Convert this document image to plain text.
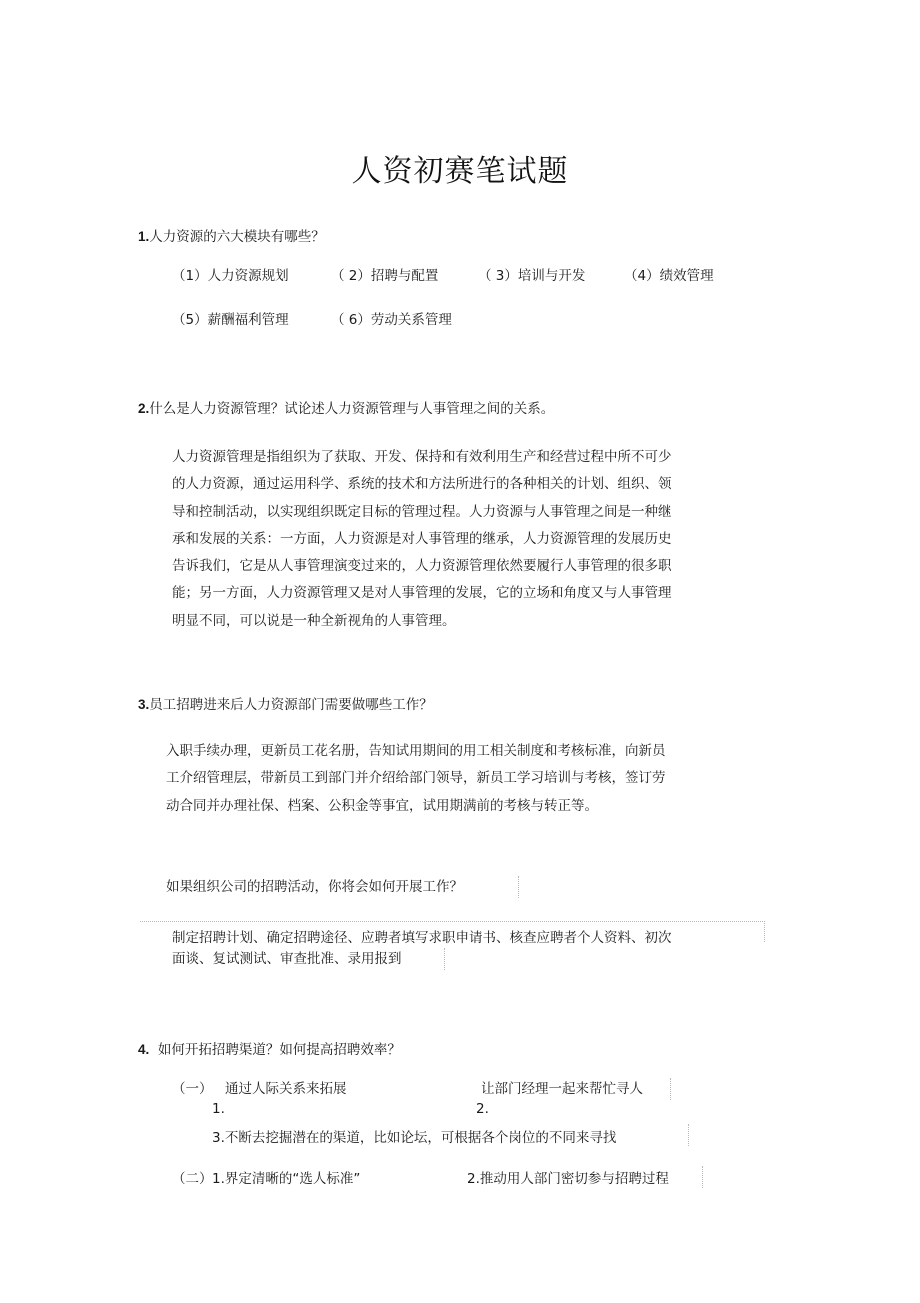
人资初赛笔试题
1.人力资源的六大模块有哪些？
（1）人力资源规划	（ 2）招聘与配置	（ 3）培训与开发	（4）绩效管理
（5）薪酬福利管理	（ 6）劳动关系管理
2.什么是人力资源管理？试论述人力资源管理与人事管理之间的关系。
人力资源管理是指组织为了获取、开发、保持和有效利用生产和经营过程中所不可少
的人力资源，通过运用科学、系统的技术和方法所进行的各种相关的计划、组织、领
导和控制活动，以实现组织既定目标的管理过程。人力资源与人事管理之间是一种继
承和发展的关系：一方面，人力资源是对人事管理的继承，人力资源管理的发展历史
告诉我们，它是从人事管理演变过来的，人力资源管理依然要履行人事管理的很多职
能；另一方面，人力资源管理又是对人事管理的发展，它的立场和角度又与人事管理
明显不同，可以说是一种全新视角的人事管理。
3.员工招聘进来后人力资源部门需要做哪些工作？
入职手续办理，更新员工花名册，告知试用期间的用工相关制度和考核标准，向新员
工介绍管理层，带新员工到部门并介绍给部门领导，新员工学习培训与考核，签订劳
动合同并办理社保、档案、公积金等事宜，试用期满前的考核与转正等。
如果组织公司的招聘活动，你将会如何开展工作？
制定招聘计划、确定招聘途径、应聘者填写求职申请书、核查应聘者个人资料、初次
面谈、复试测试、审查批准、录用报到
4. 如何开拓招聘渠道？如何提高招聘效率？
（一） 通过人际关系来拓展
1.
让部门经理一起来帮忙寻人
2.
3.不断去挖掘潜在的渠道，比如论坛，可根据各个岗位的不同来寻找
（二） 1.界定清晰的“选人标准”	2.推动用人部门密切参与招聘过程
